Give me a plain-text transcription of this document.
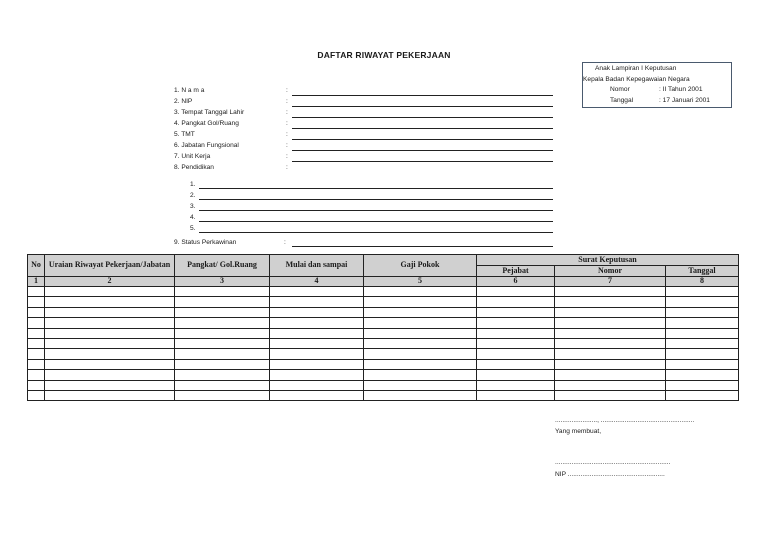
DAFTAR RIWAYAT PEKERJAAN
Anak Lampiran I Keputusan
Kepala Badan Kepegawaian Negara
Nomor	: II Tahun 2001
Tanggal	: 17 Januari 2001
1. N a m a	:
2. NIP	:
3. Tempat Tanggal Lahir	:
4. Pangkat Gol/Ruang	:
5. TMT	:
6. Jabatan Fungsional	:
7. Unit Kerja	:
8. Pendidikan	:
1.
2.
3.
4.
5.
9. Status Perkawinan	:
No	Uraian Riwayat Pekerjaan/Jabatan	Pangkat/ Gol.Ruang	Mulai dan sampai	Gaji Pokok	Surat Keputusan		
					Pejabat	Nomor	Tanggal
1	2	3	4	5	6	7	8

......................., ...................................................
Yang membuat,
...............................................................
NIP .....................................................
